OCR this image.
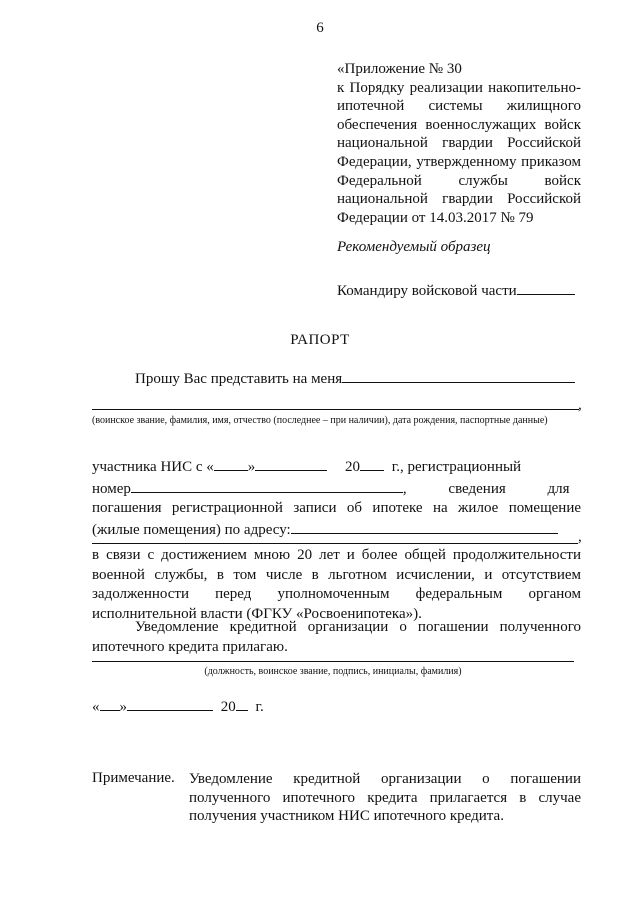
6
«Приложение № 30
к Порядку реализации накопительно-
ипотечной системы жилищного
обеспечения военнослужащих войск
национальной гвардии Российской
Федерации, утвержденному приказом
Федеральной службы войск
национальной гвардии Российской
Федерации от 14.03.2017 № 79
Рекомендуемый образец
Командиру войсковой части
РАПОРТ
Прошу Вас представить на меня
,
(воинское звание, фамилия, имя, отчество (последнее – при наличии), дата рождения, паспортные данные)
участника НИС с « »	20 г., регистрационный
номер	, сведения для
погашения регистрационной записи об ипотеке на жилое помещение
(жилые помещения) по адресу:	,
в связи с достижением мною 20 лет и более общей продолжительности
военной службы, в том числе в льготном исчислении, и отсутствием
задолженности перед уполномоченным федеральным органом
исполнительной власти (ФГКУ «Росвоенипотека»).
Уведомление кредитной организации о погашении полученного
ипотечного кредита прилагаю.
(должность, воинское звание, подпись, инициалы, фамилия)
« »	20 г.
Примечание. Уведомление кредитной организации о погашении
полученного ипотечного кредита прилагается в случае
получения участником НИС ипотечного кредита.
